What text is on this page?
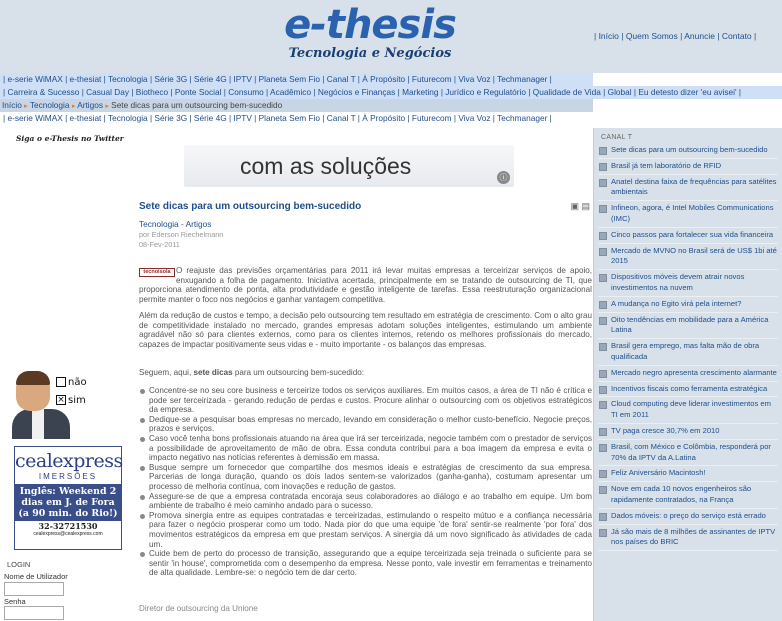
e-thesis
Tecnologia e Negócios
| Início | Quem Somos | Anuncie | Contato |
| e-serie WiMAX | e-thesiat | Tecnologia | Série 3G | Série 4G | IPTV | Planeta Sem Fio | Canal T | À Propósito | Futurecom | Viva Voz | Techmanager |
| Carreira & Sucesso | Casual Day | Biotheco | Ponte Social | Consumo | Acadêmico | Negócios e Finanças | Marketing | Jurídico e Regulatório | Qualidade de Vida | Global | Eu detesto dizer 'eu avisei' |
Início ▸ Tecnologia ▸ Artigos ▸ Sete dicas para um outsourcing bem-sucedido
| e-serie WiMAX | e-thesiat | Tecnologia | Série 3G | Série 4G | IPTV | Planeta Sem Fio | Canal T | À Propósito | Futurecom | Viva Voz | Techmanager |
Siga o e-Thesis no Twitter
não
× sim
cealexpress
IMERSÕES
Inglês: Weekend 2 dias em J. de Fora (a 90 min. do Rio!)
32-32721530
cealexpress@cealexpress.com
LOGIN
Nome de Utilizador
Senha
com as soluções	ⓘ
Sete dicas para um outsourcing bem-sucedido	▣ ▤
Tecnologia - Artigos
por Ederson Riechelmann
08-Fev-2011
tecnoisola O reajuste das previsões orçamentárias para 2011 irá levar muitas empresas a terceirizar serviços de apoio, enxugando a folha de pagamento. Iniciativa acertada, principalmente em se tratando de outsourcing de TI, que proporciona atendimento de ponta, alta produtividade e gestão inteligente de tarefas. Essa reestruturação organizacional permite manter o foco nos negócios e ganhar vantagem competitiva.
Além da redução de custos e tempo, a decisão pelo outsourcing tem resultado em estratégia de crescimento. Com o alto grau de competitividade instalado no mercado, grandes empresas adotam soluções inteligentes, estimulando um ambiente agradável não só para clientes externos, como para os clientes internos, retendo os melhores profissionais do mercado, capazes de impactar positivamente seus vidas e - muito importante - os balanços das empresas.
Seguem, aqui, sete dicas para um outsourcing bem-sucedido:
Concentre-se no seu core business e terceirize todos os serviços auxiliares. Em muitos casos, a área de TI não é crítica e pode ser terceirizada - gerando redução de perdas e custos. Procure alinhar o outsourcing com os objetivos estratégicos da empresa.
Dedique-se a pesquisar boas empresas no mercado, levando em consideração o melhor custo-benefício. Negocie preços, prazos e serviços.
Caso você tenha bons profissionais atuando na área que irá ser terceirizada, negocie também com o prestador de serviços a possibilidade de aproveitamento de mão de obra. Essa conduta contribui para a boa imagem da empresa e evita o impacto negativo nas notícias referentes à demissão em massa.
Busque sempre um fornecedor que compartilhe dos mesmos ideais e estratégias de crescimento da sua empresa. Parcerias de longa duração, quando os dois lados sentem-se valorizados (ganha-ganha), costumam apresentar um processo de melhoria contínua, com inovações e redução de gastos.
Assegure-se de que a empresa contratada encoraja seus colaboradores ao diálogo e ao trabalho em equipe. Um bom ambiente de trabalho é meio caminho andado para o sucesso.
Promova sinergia entre as equipes contratadas e terceirizadas, estimulando o respeito mútuo e a confiança necessária para fazer o negócio prosperar como um todo. Nada pior do que uma equipe 'de fora' sentir-se realmente 'por fora' dos movimentos estratégicos da empresa em que prestam serviços. A sinergia dá um novo significado às atividades de cada um.
Cuide bem de perto do processo de transição, assegurando que a equipe terceirizada seja treinada o suficiente para se sentir 'in house', comprometida com o desempenho da empresa. Nesse ponto, vale investir em ferramentas e treinamento de alta qualidade. Lembre-se: o negócio tem de dar certo.
Diretor de outsourcing da Unione
CANAL T
Sete dicas para um outsourcing bem-sucedido
Brasil já tem laboratório de RFID
Anatel destina faixa de frequências para satélites ambientais
Infineon, agora, é Intel Mobiles Communications (IMC)
Cinco passos para fortalecer sua vida financeira
Mercado de MVNO no Brasil será de US$ 1bi até 2015
Dispositivos móveis devem atrair novos investimentos na nuvem
A mudança no Egito virá pela internet?
Oito tendências em mobilidade para a América Latina
Brasil gera emprego, mas falta mão de obra qualificada
Mercado negro apresenta crescimento alarmante
Incentivos fiscais como ferramenta estratégica
Cloud computing deve liderar investimentos em TI em 2011
TV paga cresce 30,7% em 2010
Brasil, com México e Colômbia, responderá por 70% da IPTV da A.Latina
Feliz Aniversário Macintosh!
Nove em cada 10 novos engenheiros são rapidamente contratados, na França
Dados móveis: o preço do serviço está errado
Já são mais de 8 milhões de assinantes de IPTV nos países do BRIC
